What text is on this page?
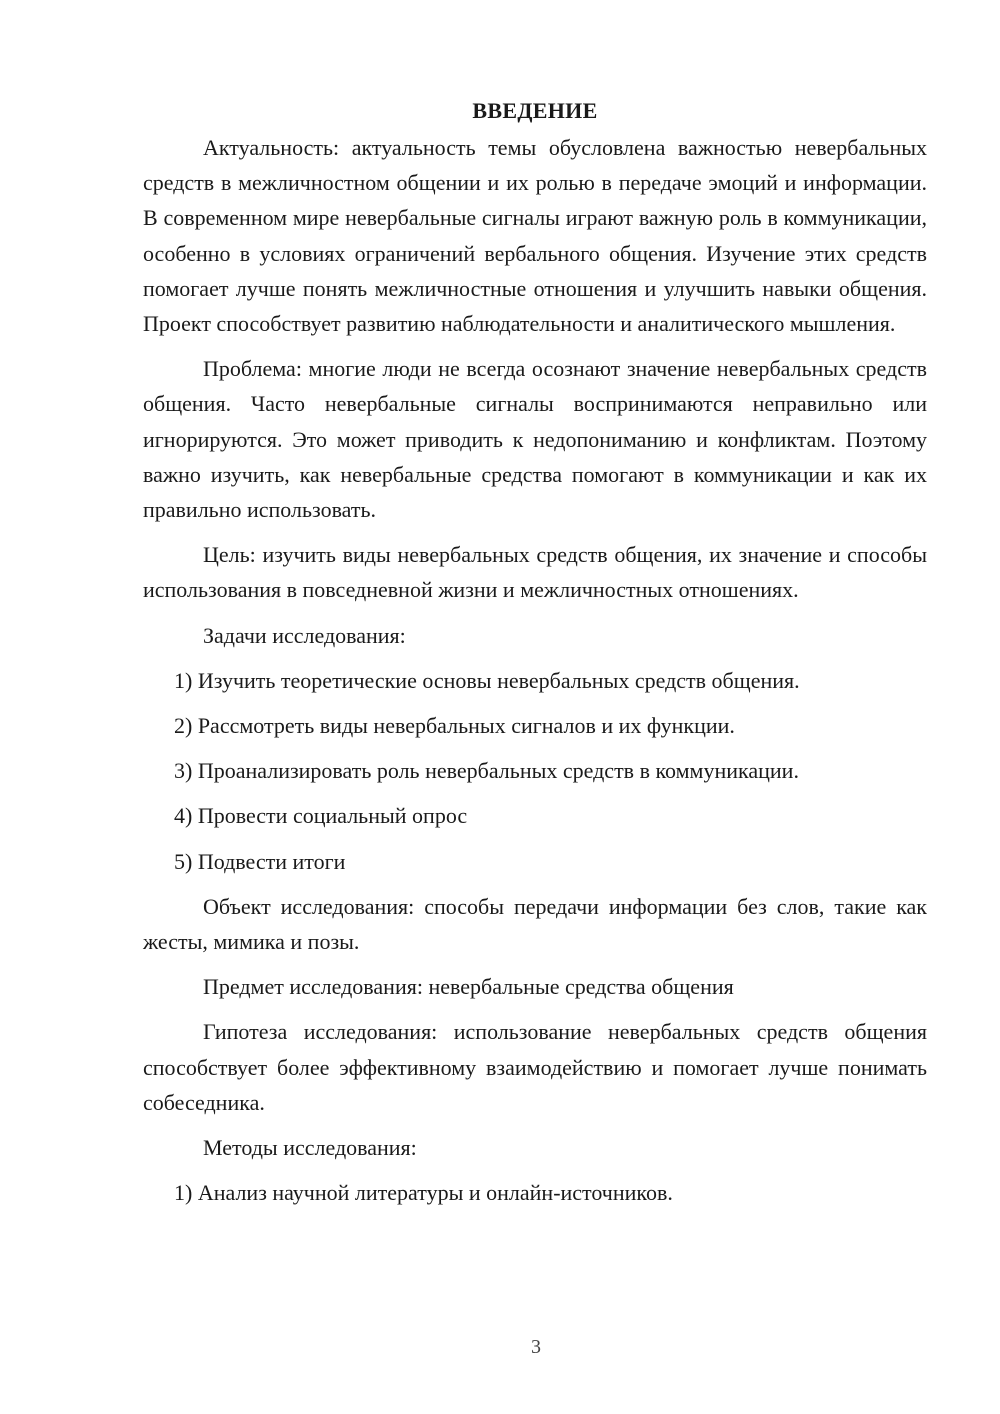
ВВЕДЕНИЕ

Актуальность: актуальность темы обусловлена важностью невербальных средств в межличностном общении и их ролью в передаче эмоций и информации. В современном мире невербальные сигналы играют важную роль в коммуникации, особенно в условиях ограничений вербального общения. Изучение этих средств помогает лучше понять межличностные отношения и улучшить навыки общения. Проект способствует развитию наблюдательности и аналитического мышления.

Проблема: многие люди не всегда осознают значение невербальных средств общения. Часто невербальные сигналы воспринимаются неправильно или игнорируются. Это может приводить к недопониманию и конфликтам. Поэтому важно изучить, как невербальные средства помогают в коммуникации и как их правильно использовать.

Цель: изучить виды невербальных средств общения, их значение и способы использования в повседневной жизни и межличностных отношениях.

Задачи исследования:

1) Изучить теоретические основы невербальных средств общения.

2) Рассмотреть виды невербальных сигналов и их функции.

3) Проанализировать роль невербальных средств в коммуникации.

4) Провести социальный опрос

5) Подвести итоги

Объект исследования: способы передачи информации без слов, такие как жесты, мимика и позы.

Предмет исследования: невербальные средства общения

Гипотеза исследования: использование невербальных средств общения способствует более эффективному взаимодействию и помогает лучше понимать собеседника.

Методы исследования:

1) Анализ научной литературы и онлайн-источников.

3
